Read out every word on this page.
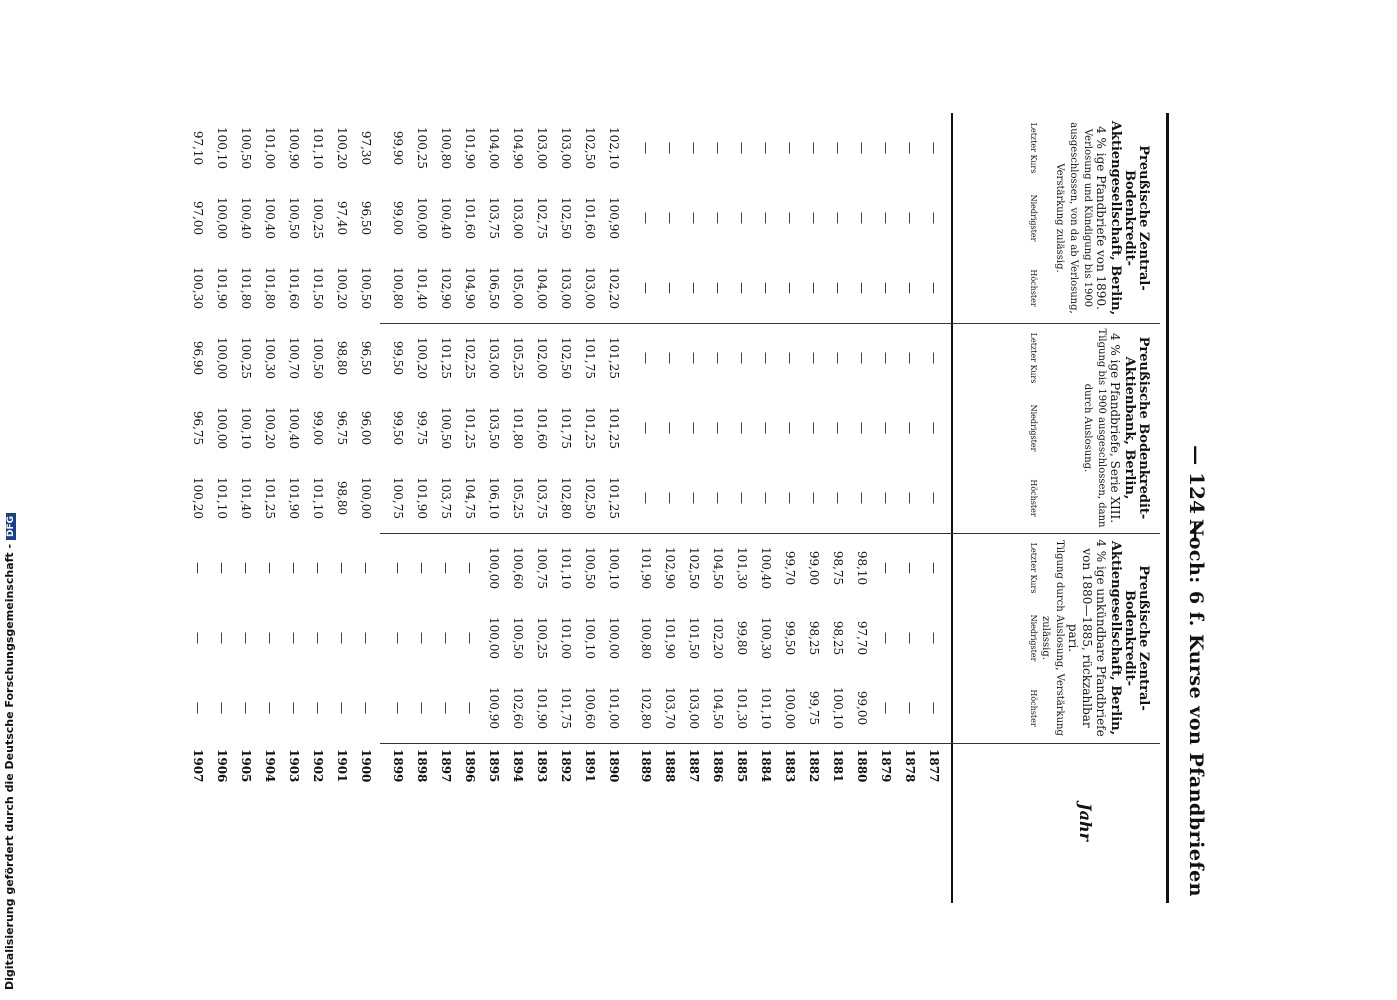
— 124 —
Noch: 6 f. Kurse von Pfandbriefen
Preußische Zentral-Bodenkredit-Aktiengesellschaft, Berlin,
4 % ige Pfandbriefe von 1890.
Verlosung und Kündigung bis 1900 ausgeschlossen, von da ab Verlosung, Verstärkung zulässig.
Preußische Bodenkredit-Aktienbank, Berlin,
4 % ige Pfandbriefe, Serie XIII.
Tilgung bis 1900 ausgeschlossen, dann durch Auslosung.
Preußische Zentral-Bodenkredit-Aktiengesellschaft, Berlin,
4 % ige unkündbare Pfandbriefe von 1880—1885, rückzahlbar pari.
Tilgung durch Auslosung, Verstärkung zulässig.
Jahr
Letzter Kurs
—
—
—
—
—
—
—
—
—
—
—
—
—
102,10
102,50
103,00
103,00
104,90
104,00
101,90
100,80
100,25
99,90
97,30
100,20
101,10
100,90
101,00
100,50
100,10
97,10
Niedrigster
—
—
—
—
—
—
—
—
—
—
—
—
—
100,90
101,60
102,50
102,75
103,00
103,75
101,60
100,40
100,00
99,00
96,50
97,40
100,25
100,50
100,40
100,40
100,00
97,00
Höchster
—
—
—
—
—
—
—
—
—
—
—
—
—
102,20
103,00
103,00
104,00
105,00
106,50
104,90
102,90
101,40
100,80
100,50
100,20
101,50
101,60
101,80
101,80
101,90
100,30
Letzter Kurs
—
—
—
—
—
—
—
—
—
—
—
—
—
101,25
101,75
102,50
102,00
105,25
103,00
102,25
101,25
100,20
99,50
96,50
98,80
100,50
100,70
100,30
100,25
100,00
96,90
Niedrigster
—
—
—
—
—
—
—
—
—
—
—
—
—
101,25
101,25
101,75
101,60
101,80
103,50
101,25
100,50
99,75
99,50
96,00
96,75
99,00
100,40
100,20
100,10
100,00
96,75
Höchster
—
—
—
—
—
—
—
—
—
—
—
—
—
101,25
102,50
102,80
103,75
105,25
106,10
104,75
103,75
101,90
100,75
100,00
98,80
101,10
101,90
101,25
101,40
101,10
100,20
Letzter Kurs
—
—
—
98,10
98,75
99,00
99,70
100,40
101,30
104,50
102,50
102,90
101,90
100,10
100,50
101,10
100,75
100,60
100,00
—
—
—
—
—
—
—
—
—
—
—
—
Niedrigster
—
—
—
97,70
98,25
98,25
99,50
100,30
99,80
102,20
101,50
101,90
100,80
100,00
100,10
101,00
100,25
100,50
100,00
—
—
—
—
—
—
—
—
—
—
—
—
Höchster
—
—
—
99,00
100,10
99,75
100,00
101,10
101,30
104,50
103,00
103,70
102,80
101,00
100,60
101,75
101,90
102,60
100,90
—
—
—
—
—
—
—
—
—
—
—
—
1877
1878
1879
1880
1881
1882
1883
1884
1885
1886
1887
1888
1889
1890
1891
1892
1893
1894
1895
1896
1897
1898
1899
1900
1901
1902
1903
1904
1905
1906
1907
Digitalisierung gefördert durch die Deutsche Forschungsgemeinschaft -DFG
